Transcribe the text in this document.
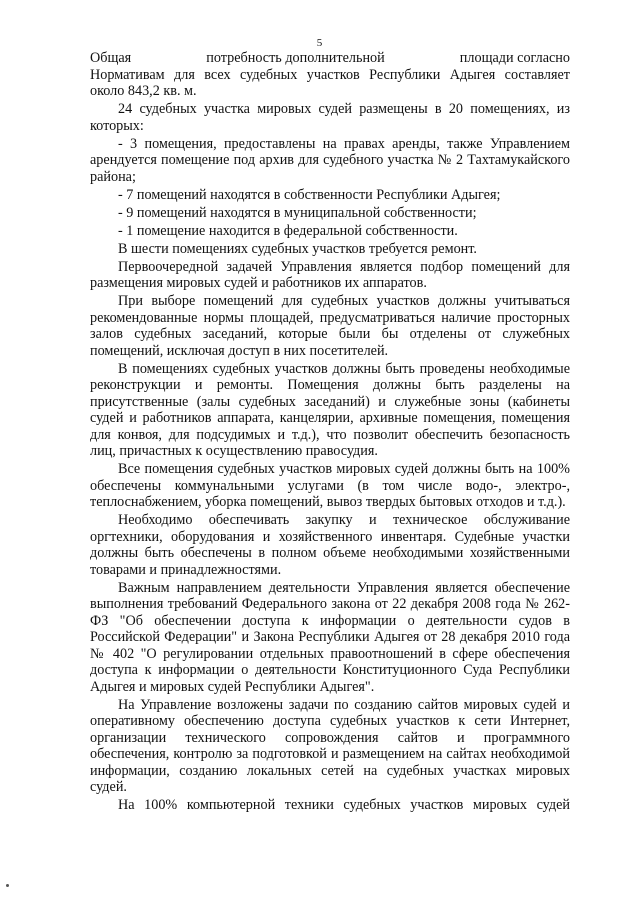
5
Общая	потребность дополнительной	площади согласно
Нормативам для всех судебных участков Республики Адыгея составляет
около 843,2 кв. м.
24 судебных участка мировых судей размещены в 20 помещениях, из
которых:
- 3 помещения, предоставлены на правах аренды, также Управлением
арендуется помещение под архив для судебного участка № 2 Тахтамукайского
района;
- 7 помещений находятся в собственности Республики Адыгея;
- 9 помещений находятся в муниципальной собственности;
- 1 помещение находится в федеральной собственности.
В шести помещениях судебных участков требуется ремонт.
Первоочередной задачей Управления является подбор помещений для
размещения мировых судей и работников их аппаратов.
При выборе помещений для судебных участков должны учитываться
рекомендованные нормы площадей, предусматриваться наличие просторных
залов судебных заседаний, которые были бы отделены от служебных
помещений, исключая доступ в них посетителей.
В помещениях судебных участков должны быть проведены необходимые
реконструкции и ремонты. Помещения должны быть разделены на
присутственные (залы судебных заседаний) и служебные зоны (кабинеты
судей и работников аппарата, канцелярии, архивные помещения, помещения
для конвоя, для подсудимых и т.д.), что позволит обеспечить безопасность
лиц, причастных к осуществлению правосудия.
Все помещения судебных участков мировых судей должны быть на 100%
обеспечены коммунальными услугами (в том числе водо-, электро-,
теплоснабжением, уборка помещений, вывоз твердых бытовых отходов и т.д.).
Необходимо обеспечивать закупку и техническое обслуживание
оргтехники, оборудования и хозяйственного инвентаря. Судебные участки
должны быть обеспечены в полном объеме необходимыми хозяйственными
товарами и принадлежностями.
Важным направлением деятельности Управления является обеспечение
выполнения требований Федерального закона от 22 декабря 2008 года № 262-
ФЗ "Об обеспечении доступа к информации о деятельности судов в
Российской Федерации" и Закона Республики Адыгея от 28 декабря 2010 года
№ 402 "О регулировании отдельных правоотношений в сфере обеспечения
доступа к информации о деятельности Конституционного Суда Республики
Адыгея и мировых судей Республики Адыгея".
На Управление возложены задачи по созданию сайтов мировых судей и
оперативному обеспечению доступа судебных участков к сети Интернет,
организации технического сопровождения сайтов и программного
обеспечения, контролю за подготовкой и размещением на сайтах необходимой
информации, созданию локальных сетей на судебных участках мировых
судей.
На 100% компьютерной техники судебных участков мировых судей
